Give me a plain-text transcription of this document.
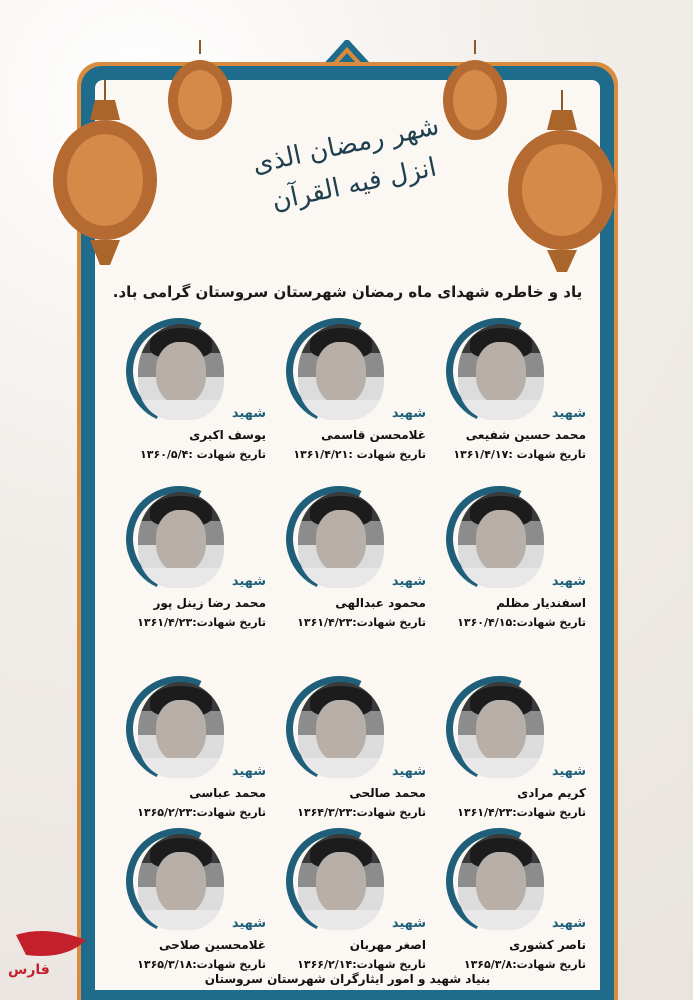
شهر رمضان الذی انزل فیه القرآن
یاد و خاطره شهدای ماه رمضان شهرستان سروستان گرامی باد.
شهید
محمد حسین شفیعی
تاریخ شهادت :۱۳۶۱/۴/۱۷
شهید
غلامحسن قاسمی
تاریخ شهادت :۱۳۶۱/۴/۲۱
شهید
یوسف اکبری
تاریخ شهادت :۱۳۶۰/۵/۴
شهید
اسفندیار مظلم
تاریخ شهادت:۱۳۶۰/۴/۱۵
شهید
محمود عبدالهی
تاریخ شهادت:۱۳۶۱/۴/۲۳
شهید
محمد رضا زینل پور
تاریخ شهادت:۱۳۶۱/۴/۲۳
شهید
کریم مرادی
تاریخ شهادت:۱۳۶۱/۴/۲۳
شهید
محمد صالحی
تاریخ شهادت:۱۳۶۴/۳/۲۳
شهید
محمد عباسی
تاریخ شهادت:۱۳۶۵/۲/۲۳
شهید
ناصر کشوری
تاریخ شهادت:۱۳۶۵/۳/۸
شهید
اصغر مهربان
تاریخ شهادت:۱۳۶۶/۲/۱۴
شهید
غلامحسین صلاحی
تاریخ شهادت:۱۳۶۵/۳/۱۸
بنیاد شهید و امور ایثارگران شهرستان سروستان
فارس
